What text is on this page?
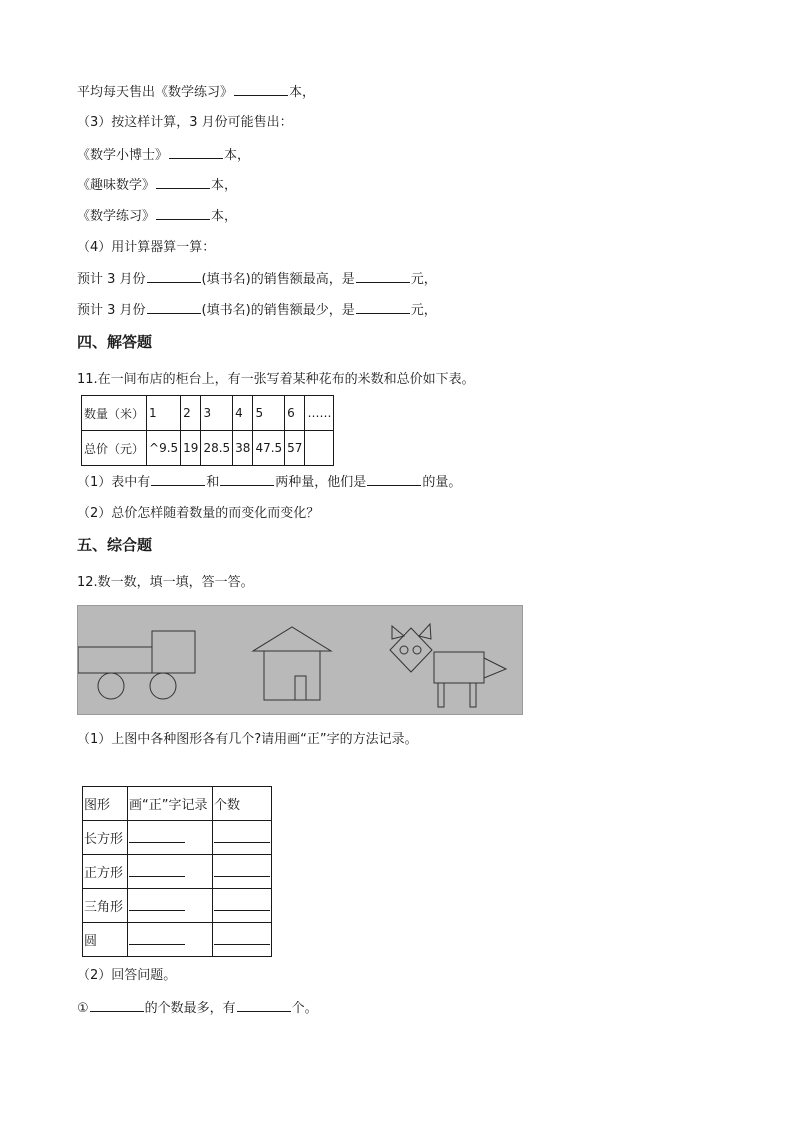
平均每天售出《数学练习》	本，
（3）按这样计算，3 月份可能售出：
《数学小博士》	本，
《趣味数学》	本，
《数学练习》	本，
（4）用计算器算一算：
预计 3 月份	(填书名)的销售额最高，是	元，
预计 3 月份	(填书名)的销售额最少，是	元，
四、解答题
11.在一间布店的柜台上，有一张写着某种花布的米数和总价如下表。
数量（米）	1	2	3	4	5	6	……
总价（元）	^9.5	19	28.5	38	47.5	57	
（1）表中有	和	两种量，他们是	的量。
（2）总价怎样随着数量的而变化而变化？
五、综合题
12.数一数，填一填，答一答。
（1）上图中各种图形各有几个?请用画“正”字的方法记录。
图形	画“正”字记录	个数
长方形		
正方形		
三角形		
圆		
（2）回答问题。
①	的个数最多，有	个。
